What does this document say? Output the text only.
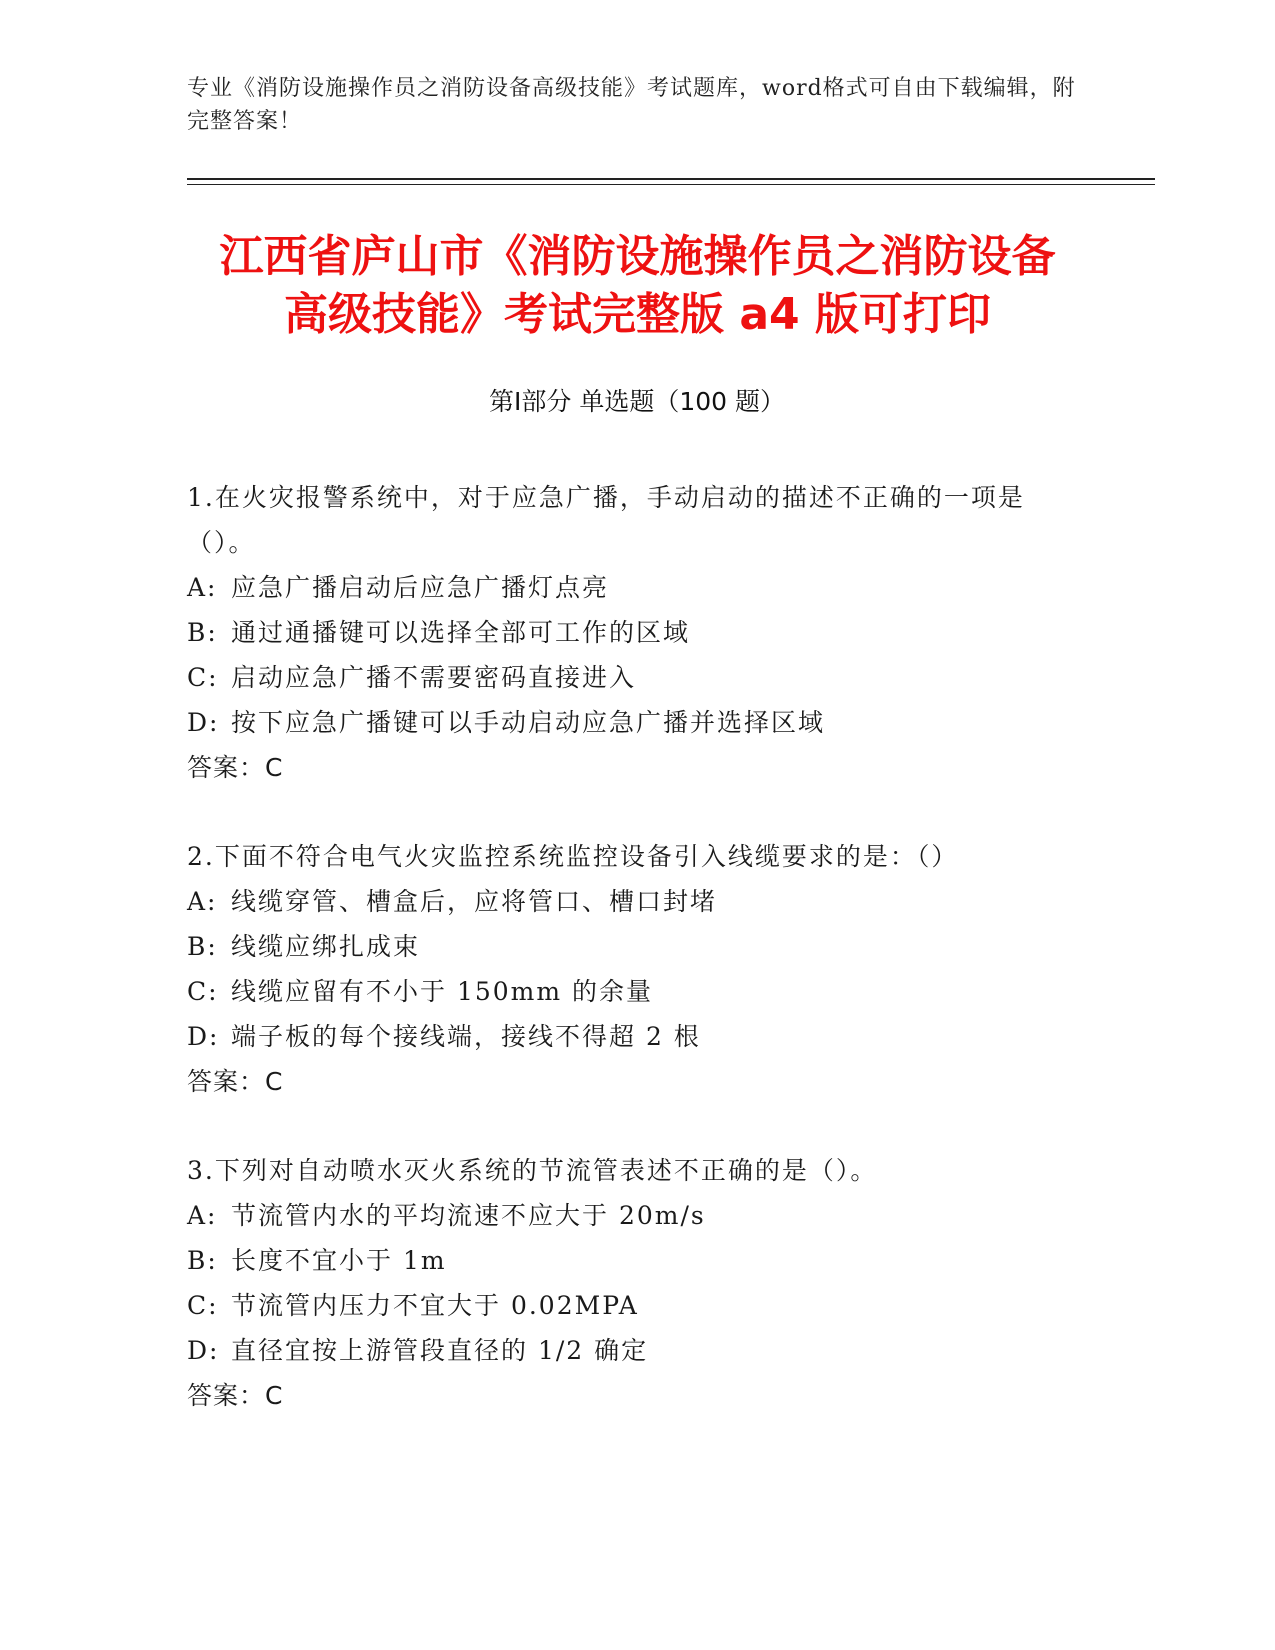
专业《消防设施操作员之消防设备高级技能》考试题库，word格式可自由下载编辑，附完整答案！
江西省庐山市《消防设施操作员之消防设备
高级技能》考试完整版 a4 版可打印
第Ⅰ部分 单选题（100 题）
1.在火灾报警系统中，对于应急广播，手动启动的描述不正确的一项是（）。
A: 应急广播启动后应急广播灯点亮
B: 通过通播键可以选择全部可工作的区域
C: 启动应急广播不需要密码直接进入
D: 按下应急广播键可以手动启动应急广播并选择区域
答案：C
2.下面不符合电气火灾监控系统监控设备引入线缆要求的是：（）
A: 线缆穿管、槽盒后，应将管口、槽口封堵
B: 线缆应绑扎成束
C: 线缆应留有不小于 150mm 的余量
D: 端子板的每个接线端，接线不得超 2 根
答案：C
3.下列对自动喷水灭火系统的节流管表述不正确的是（）。
A: 节流管内水的平均流速不应大于 20m/s
B: 长度不宜小于 1m
C: 节流管内压力不宜大于 0.02MPA
D: 直径宜按上游管段直径的 1/2 确定
答案：C
